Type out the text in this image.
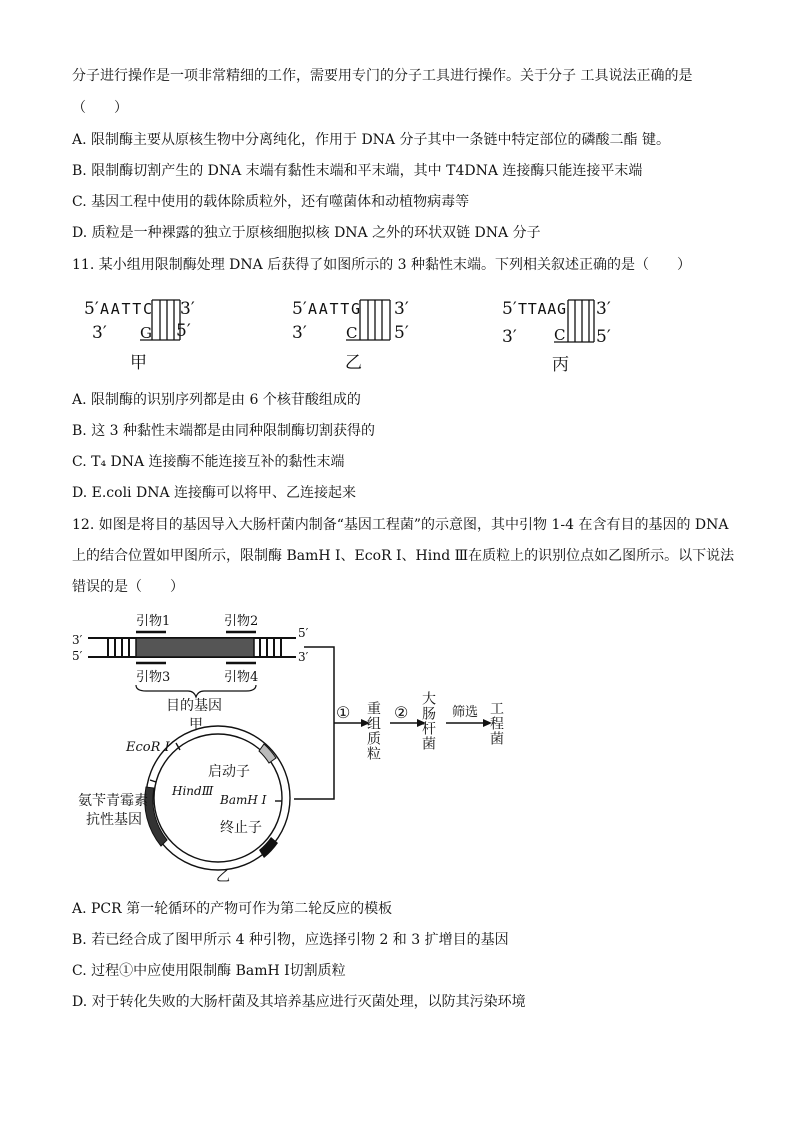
分子进行操作是一项非常精细的工作，需要用专门的分子工具进行操作。关于分子 工具说法正确的是
（　　）
A. 限制酶主要从原核生物中分离纯化，作用于 DNA 分子其中一条链中特定部位的磷酸二酯 键。
B. 限制酶切割产生的 DNA 末端有黏性末端和平末端，其中 T4DNA 连接酶只能连接平末端
C. 基因工程中使用的载体除质粒外，还有噬菌体和动植物病毒等
D. 质粒是一种裸露的独立于原核细胞拟核 DNA 之外的环状双链 DNA 分子
11. 某小组用限制酶处理 DNA 后获得了如图所示的 3 种黏性末端。下列相关叙述正确的是（　　）
5′ AATTC
3′ G
3′
5′
甲
5′ AATTG
3′	C
3′
5′
乙
5′ TTAAG
3′ C
3′
5′
丙
A. 限制酶的识别序列都是由 6 个核苷酸组成的
B. 这 3 种黏性末端都是由同种限制酶切割获得的
C. T₄ DNA 连接酶不能连接互补的黏性末端
D. E.coli DNA 连接酶可以将甲、乙连接起来
12. 如图是将目的基因导入大肠杆菌内制备“基因工程菌”的示意图，其中引物 1-4 在含有目的基因的 DNA
上的结合位置如甲图所示，限制酶 BamH Ⅰ、EcoR Ⅰ、Hind Ⅲ在质粒上的识别位点如乙图所示。以下说法
错误的是（　　）
3′
5′
5′
3′
引物1	引物2
引物3	引物4
目的基因
甲
① 重组质粒 ② 大肠杆菌 筛选 工程菌
EcoR Ⅰ
HindⅢ
BamH Ⅰ
启动子
终止子
氨苄青霉素
抗性基因
乙
A. PCR 第一轮循环的产物可作为第二轮反应的模板
B. 若已经合成了图甲所示 4 种引物，应选择引物 2 和 3 扩增目的基因
C. 过程①中应使用限制酶 BamH Ⅰ切割质粒
D. 对于转化失败的大肠杆菌及其培养基应进行灭菌处理，以防其污染环境
